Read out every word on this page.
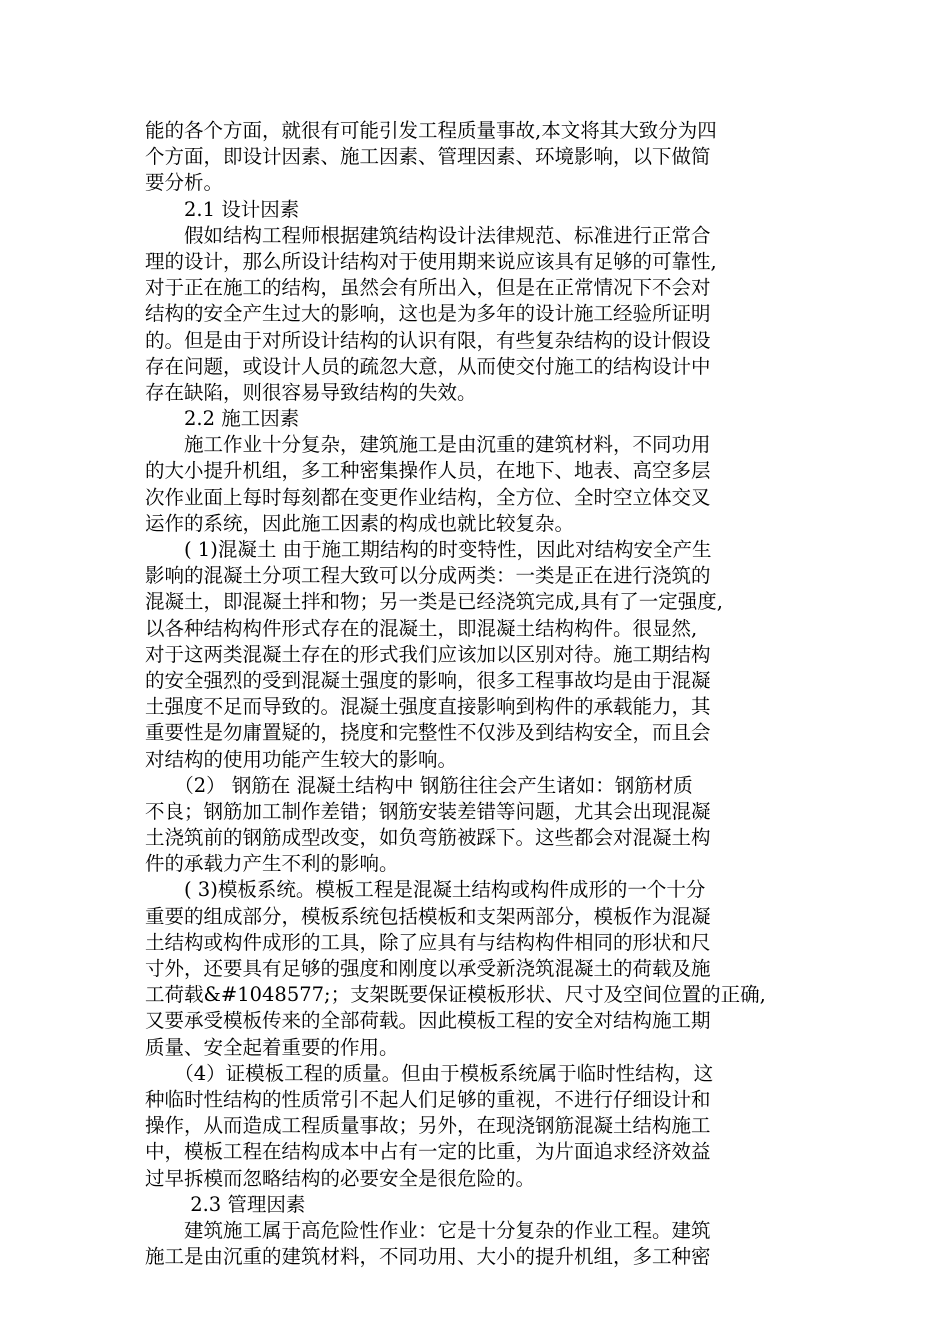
能的各个方面，就很有可能引发工程质量事故,本文将其大致分为四
个方面，即设计因素、施工因素、管理因素、环境影响，以下做简
要分析。
　　2.1 设计因素
　　假如结构工程师根据建筑结构设计法律规范、标准进行正常合
理的设计，那么所设计结构对于使用期来说应该具有足够的可靠性,
对于正在施工的结构，虽然会有所出入，但是在正常情况下不会对
结构的安全产生过大的影响，这也是为多年的设计施工经验所证明
的。但是由于对所设计结构的认识有限，有些复杂结构的设计假设
存在问题，或设计人员的疏忽大意，从而使交付施工的结构设计中
存在缺陷，则很容易导致结构的失效。
　　2.2 施工因素
　　施工作业十分复杂，建筑施工是由沉重的建筑材料，不同功用
的大小提升机组，多工种密集操作人员，在地下、地表、高空多层
次作业面上每时每刻都在变更作业结构，全方位、全时空立体交叉
运作的系统，因此施工因素的构成也就比较复杂。
　　( 1)混凝土 由于施工期结构的时变特性，因此对结构安全产生
影响的混凝土分项工程大致可以分成两类：一类是正在进行浇筑的
混凝土，即混凝土拌和物；另一类是已经浇筑完成,具有了一定强度,
以各种结构构件形式存在的混凝土，即混凝土结构构件。很显然,
对于这两类混凝土存在的形式我们应该加以区别对待。施工期结构
的安全强烈的受到混凝土强度的影响，很多工程事故均是由于混凝
土强度不足而导致的。混凝土强度直接影响到构件的承载能力，其
重要性是勿庸置疑的，挠度和完整性不仅涉及到结构安全，而且会
对结构的使用功能产生较大的影响。
　　（2） 钢筋在 混凝土结构中 钢筋往往会产生诸如：钢筋材质
不良；钢筋加工制作差错；钢筋安装差错等问题，尤其会出现混凝
土浇筑前的钢筋成型改变，如负弯筋被踩下。这些都会对混凝土构
件的承载力产生不利的影响。
　　( 3)模板系统。模板工程是混凝土结构或构件成形的一个十分
重要的组成部分，模板系统包括模板和支架两部分，模板作为混凝
土结构或构件成形的工具，除了应具有与结构构件相同的形状和尺
寸外，还要具有足够的强度和刚度以承受新浇筑混凝土的荷载及施
工荷载&#1048577;；支架既要保证模板形状、尺寸及空间位置的正确,
又要承受模板传来的全部荷载。因此模板工程的安全对结构施工期
质量、安全起着重要的作用。
　　（4）证模板工程的质量。但由于模板系统属于临时性结构，这
种临时性结构的性质常引不起人们足够的重视，不进行仔细设计和
操作，从而造成工程质量事故；另外，在现浇钢筋混凝土结构施工
中，模板工程在结构成本中占有一定的比重，为片面追求经济效益
过早拆模而忽略结构的必要安全是很危险的。
　　 2.3 管理因素
　　建筑施工属于高危险性作业：它是十分复杂的作业工程。建筑
施工是由沉重的建筑材料，不同功用、大小的提升机组，多工种密
